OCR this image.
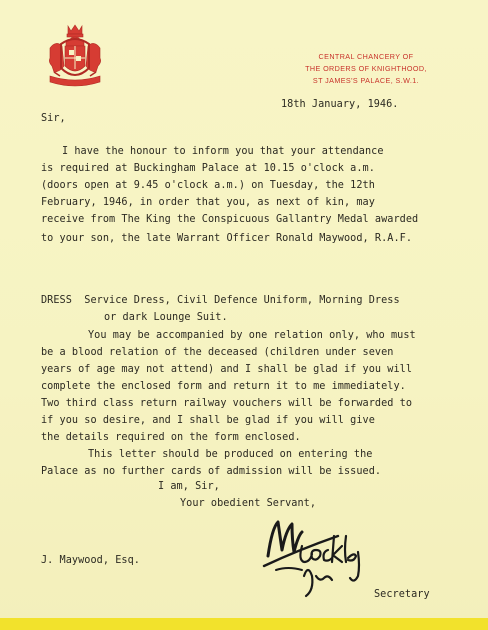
CENTRAL CHANCERY OF
THE ORDERS OF KNIGHTHOOD,
ST JAMES'S PALACE, S.W.1.
18th January, 1946.
Sir,
I have the honour to inform you that your attendance
is required at Buckingham Palace at 10.15 o'clock a.m.
(doors open at 9.45 o'clock a.m.) on Tuesday, the 12th
February, 1946, in order that you, as next of kin, may
receive from The King the Conspicuous Gallantry Medal awarded
to your son, the late Warrant Officer Ronald Maywood, R.A.F.
DRESS  Service Dress, Civil Defence Uniform, Morning Dress
or dark Lounge Suit.
You may be accompanied by one relation only, who must
be a blood relation of the deceased (children under seven
years of age may not attend) and I shall be glad if you will
complete the enclosed form and return it to me immediately.
Two third class return railway vouchers will be forwarded to
if you so desire, and I shall be glad if you will give
the details required on the form enclosed.
This letter should be produced on entering the
Palace as no further cards of admission will be issued.
I am, Sir,
Your obedient Servant,
J. Maywood, Esq.
Secretary
